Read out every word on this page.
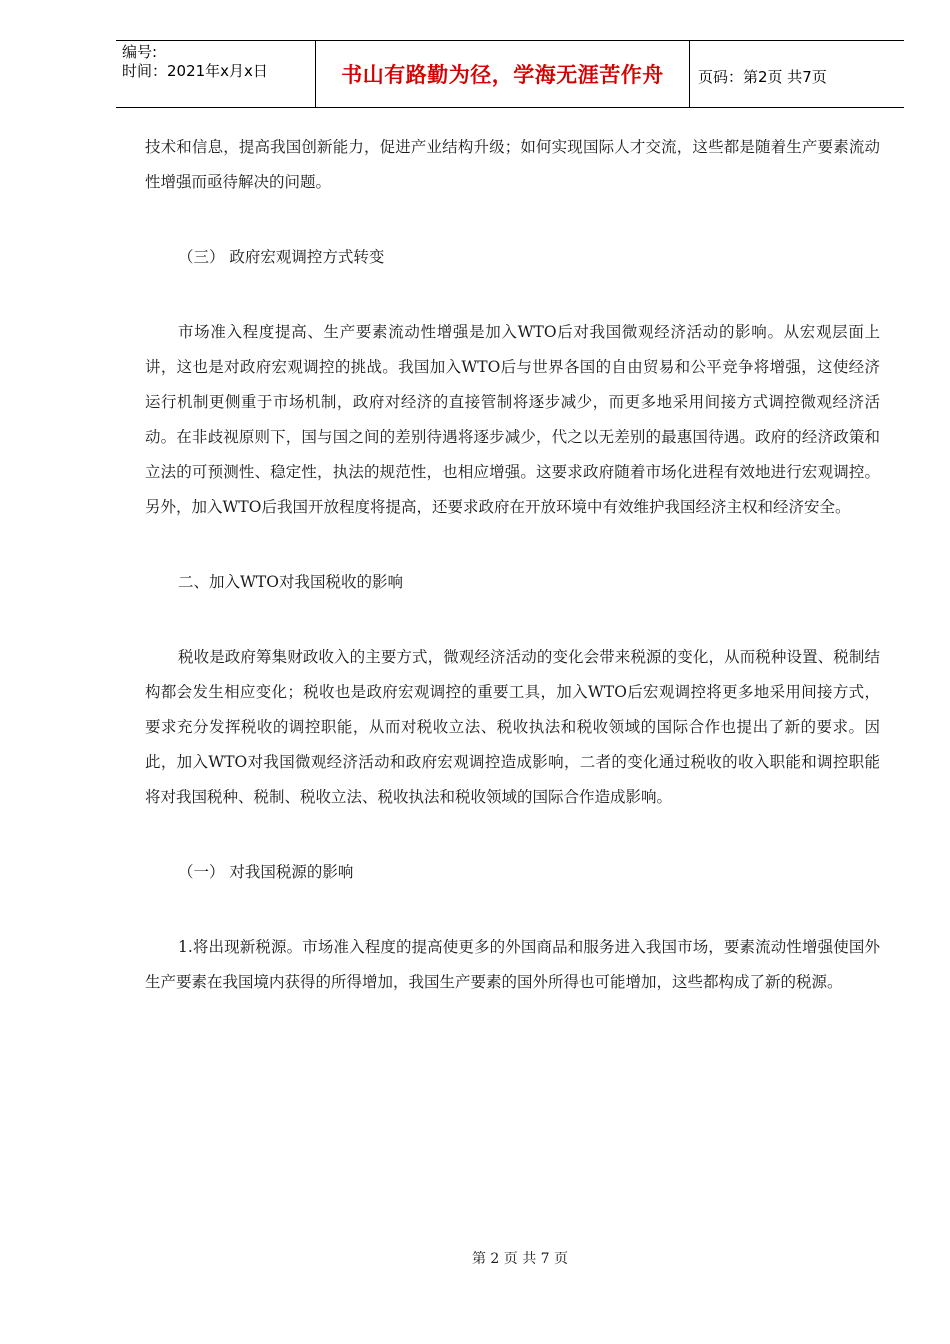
编号:
时间：2021年x月x日	书山有路勤为径，学海无涯苦作舟	页码：第2页 共7页

技术和信息，提高我国创新能力，促进产业结构升级；如何实现国际人才交流，这些都是随着生产要素流动性增强而亟待解决的问题。

（三） 政府宏观调控方式转变

市场准入程度提高、生产要素流动性增强是加入WTO后对我国微观经济活动的影响。从宏观层面上讲，这也是对政府宏观调控的挑战。我国加入WTO后与世界各国的自由贸易和公平竞争将增强，这使经济运行机制更侧重于市场机制，政府对经济的直接管制将逐步减少，而更多地采用间接方式调控微观经济活动。在非歧视原则下，国与国之间的差别待遇将逐步减少，代之以无差别的最惠国待遇。政府的经济政策和立法的可预测性、稳定性，执法的规范性，也相应增强。这要求政府随着市场化进程有效地进行宏观调控。另外，加入WTO后我国开放程度将提高，还要求政府在开放环境中有效维护我国经济主权和经济安全。

二、加入WTO对我国税收的影响

税收是政府筹集财政收入的主要方式，微观经济活动的变化会带来税源的变化，从而税种设置、税制结构都会发生相应变化；税收也是政府宏观调控的重要工具，加入WTO后宏观调控将更多地采用间接方式，要求充分发挥税收的调控职能，从而对税收立法、税收执法和税收领域的国际合作也提出了新的要求。因此，加入WTO对我国微观经济活动和政府宏观调控造成影响，二者的变化通过税收的收入职能和调控职能将对我国税种、税制、税收立法、税收执法和税收领域的国际合作造成影响。

（一） 对我国税源的影响

1.将出现新税源。市场准入程度的提高使更多的外国商品和服务进入我国市场，要素流动性增强使国外生产要素在我国境内获得的所得增加，我国生产要素的国外所得也可能增加，这些都构成了新的税源。

第 2 页 共 7 页
